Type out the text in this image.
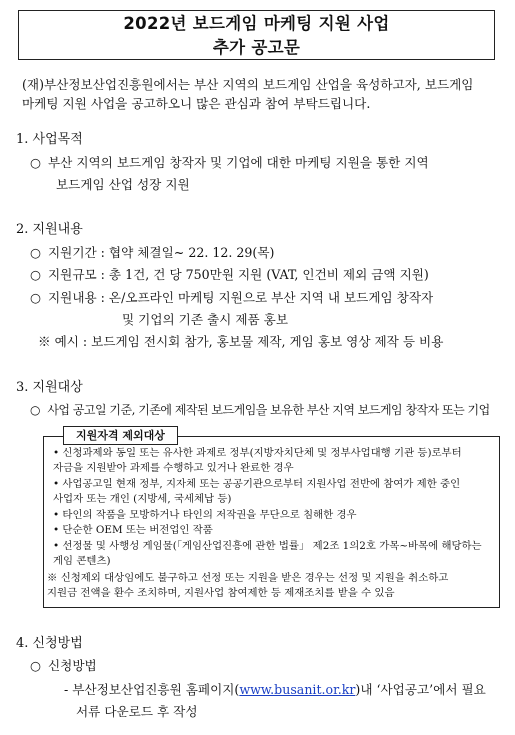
2022년 보드게임 마케팅 지원 사업
추가 공고문
(재)부산정보산업진흥원에서는 부산 지역의 보드게임 산업을 육성하고자, 보드게임
마케팅 지원 사업을 공고하오니 많은 관심과 참여 부탁드립니다.
1. 사업목적
○ 부산 지역의 보드게임 창작자 및 기업에 대한 마케팅 지원을 통한 지역
보드게임 산업 성장 지원
2. 지원내용
○ 지원기간 : 협약 체결일~ 22. 12. 29(목)
○ 지원규모 : 총 1건, 건 당 750만원 지원 (VAT, 인건비 제외 금액 지원)
○ 지원내용 : 온/오프라인 마케팅 지원으로 부산 지역 내 보드게임 창작자
및 기업의 기존 출시 제품 홍보
※ 예시 : 보드게임 전시회 참가, 홍보물 제작, 게임 홍보 영상 제작 등 비용
3. 지원대상
○ 사업 공고일 기준, 기존에 제작된 보드게임을 보유한 부산 지역 보드게임 창작자 또는 기업
지원자격 제외대상
• 신청과제와 동일 또는 유사한 과제로 정부(지방자치단체 및 정부사업대행 기관 등)로부터
자금을 지원받아 과제를 수행하고 있거나 완료한 경우
• 사업공고일 현재 정부, 지자체 또는 공공기관으로부터 지원사업 전반에 참여가 제한 중인
사업자 또는 개인 (지방세, 국세체납 등)
• 타인의 작품을 모방하거나 타인의 저작권을 무단으로 침해한 경우
• 단순한 OEM 또는 버전업인 작품
• 선정물 및 사행성 게임물(「게임산업진흥에 관한 법률」 제2조 1의2호 가목~바목에 해당하는
게임 콘텐츠)
※ 신청제외 대상임에도 불구하고 선정 또는 지원을 받은 경우는 선정 및 지원을 취소하고
지원금 전액을 환수 조치하며, 지원사업 참여제한 등 제재조치를 받을 수 있음
4. 신청방법
○ 신청방법
- 부산정보산업진흥원 홈페이지(www.busanit.or.kr)내 ‘사업공고’에서 필요
서류 다운로드 후 작성
